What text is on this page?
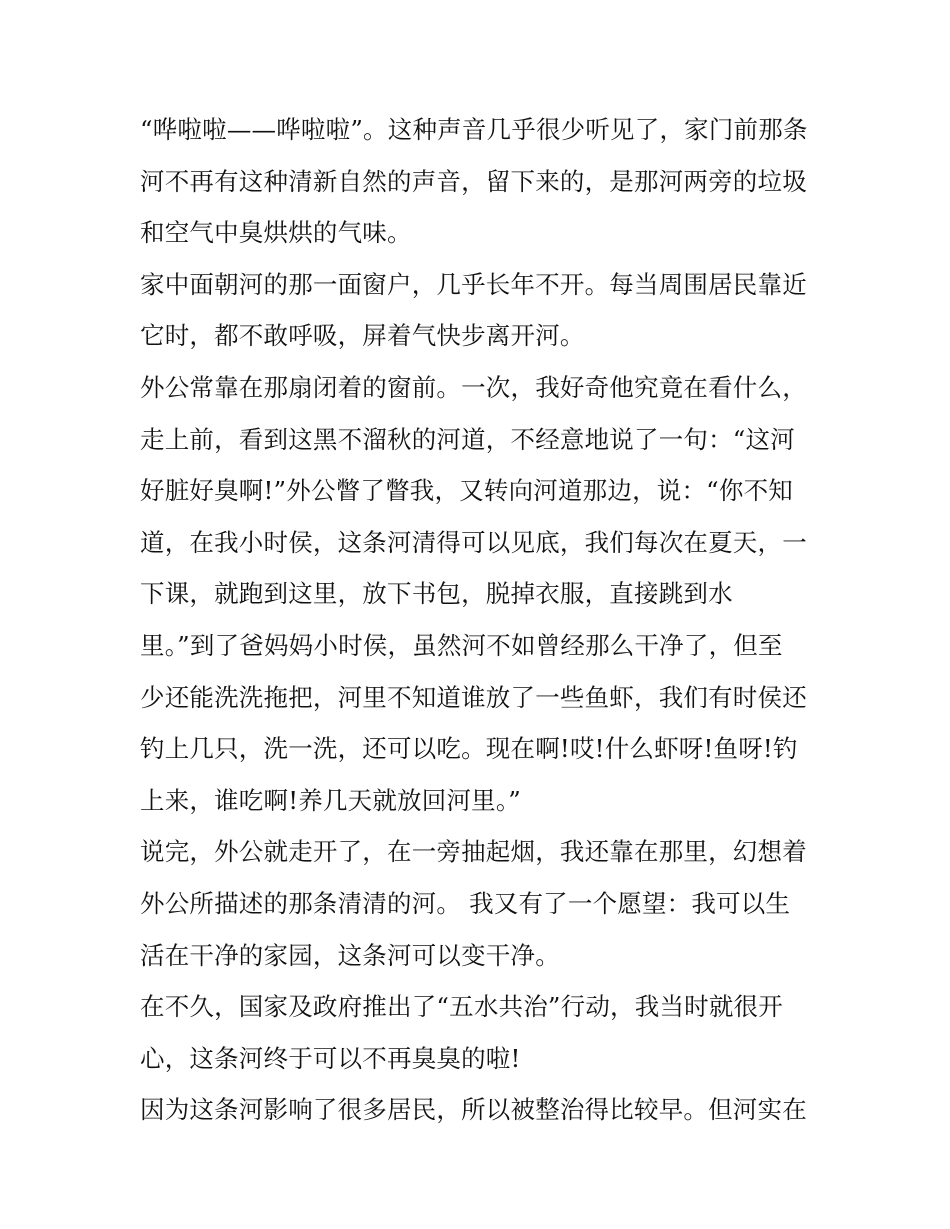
“哗啦啦——哗啦啦”。这种声音几乎很少听见了，家门前那条
河不再有这种清新自然的声音，留下来的，是那河两旁的垃圾
和空气中臭烘烘的气味。
家中面朝河的那一面窗户，几乎长年不开。每当周围居民靠近
它时，都不敢呼吸，屏着气快步离开河。
外公常靠在那扇闭着的窗前。一次，我好奇他究竟在看什么，
走上前，看到这黑不溜秋的河道，不经意地说了一句：“这河
好脏好臭啊!”外公瞥了瞥我，又转向河道那边，说：“你不知
道，在我小时侯，这条河清得可以见底，我们每次在夏天，一
下课，就跑到这里，放下书包，脱掉衣服，直接跳到水
里。”到了爸妈妈小时侯，虽然河不如曾经那么干净了，但至
少还能洗洗拖把，河里不知道谁放了一些鱼虾，我们有时侯还
钓上几只，洗一洗，还可以吃。现在啊!哎!什么虾呀!鱼呀!钓
上来，谁吃啊!养几天就放回河里。”
说完，外公就走开了，在一旁抽起烟，我还靠在那里，幻想着
外公所描述的那条清清的河。 我又有了一个愿望：我可以生
活在干净的家园，这条河可以变干净。
在不久，国家及政府推出了“五水共治”行动，我当时就很开
心，这条河终于可以不再臭臭的啦!
因为这条河影响了很多居民，所以被整治得比较早。但河实在
